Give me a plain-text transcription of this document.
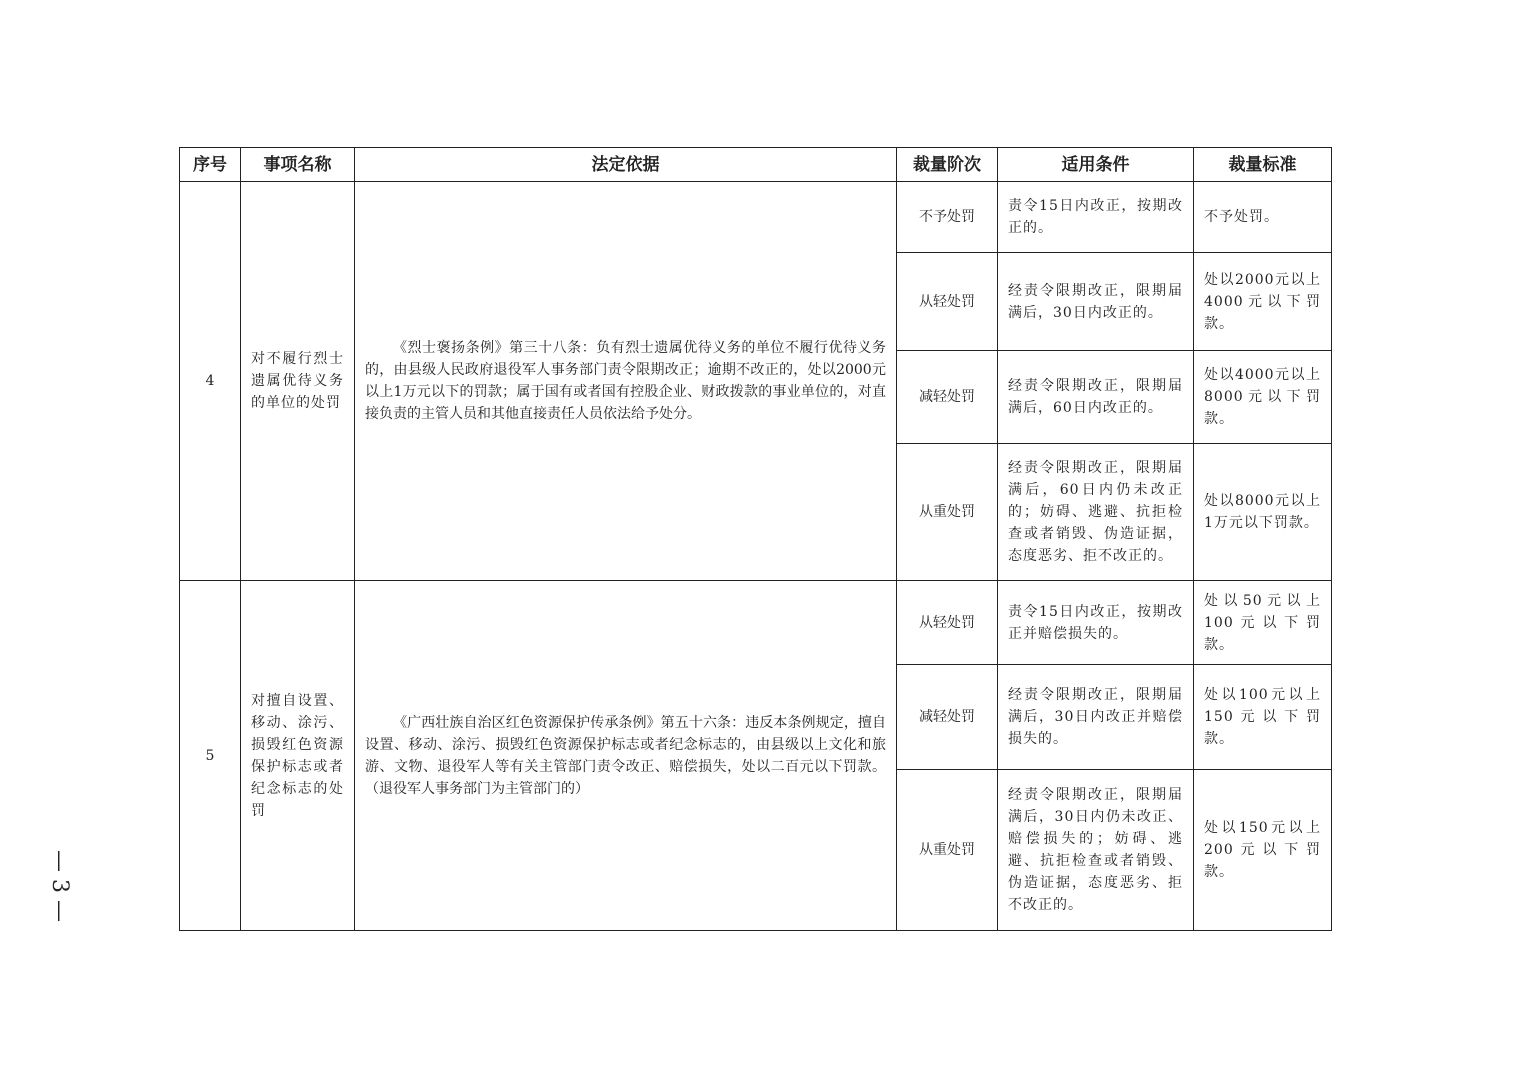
序号	事项名称	法定依据	裁量阶次	适用条件	裁量标准
4	对不履行烈士遗属优待义务的单位的处罚	《烈士褒扬条例》第三十八条：负有烈士遗属优待义务的单位不履行优待义务的，由县级人民政府退役军人事务部门责令限期改正；逾期不改正的，处以2000元以上1万元以下的罚款；属于国有或者国有控股企业、财政拨款的事业单位的，对直接负责的主管人员和其他直接责任人员依法给予处分。	不予处罚	责令15日内改正，按期改正的。	不予处罚。
			从轻处罚	经责令限期改正，限期届满后，30日内改正的。	处以2000元以上4000元以下罚款。
			减轻处罚	经责令限期改正，限期届满后，60日内改正的。	处以4000元以上8000元以下罚款。
			从重处罚	经责令限期改正，限期届满后，60日内仍未改正的；妨碍、逃避、抗拒检查或者销毁、伪造证据，态度恶劣、拒不改正的。	处以8000元以上1万元以下罚款。
5	对擅自设置、移动、涂污、损毁红色资源保护标志或者纪念标志的处罚	《广西壮族自治区红色资源保护传承条例》第五十六条：违反本条例规定，擅自设置、移动、涂污、损毁红色资源保护标志或者纪念标志的，由县级以上文化和旅游、文物、退役军人等有关主管部门责令改正、赔偿损失，处以二百元以下罚款。（退役军人事务部门为主管部门的）	从轻处罚	责令15日内改正，按期改正并赔偿损失的。	处以50元以上100元以下罚款。
			减轻处罚	经责令限期改正，限期届满后，30日内改正并赔偿损失的。	处以100元以上150元以下罚款。
			从重处罚	经责令限期改正，限期届满后，30日内仍未改正、赔偿损失的；妨碍、逃避、抗拒检查或者销毁、伪造证据，态度恶劣、拒不改正的。	处以150元以上200元以下罚款。
— 3 —
